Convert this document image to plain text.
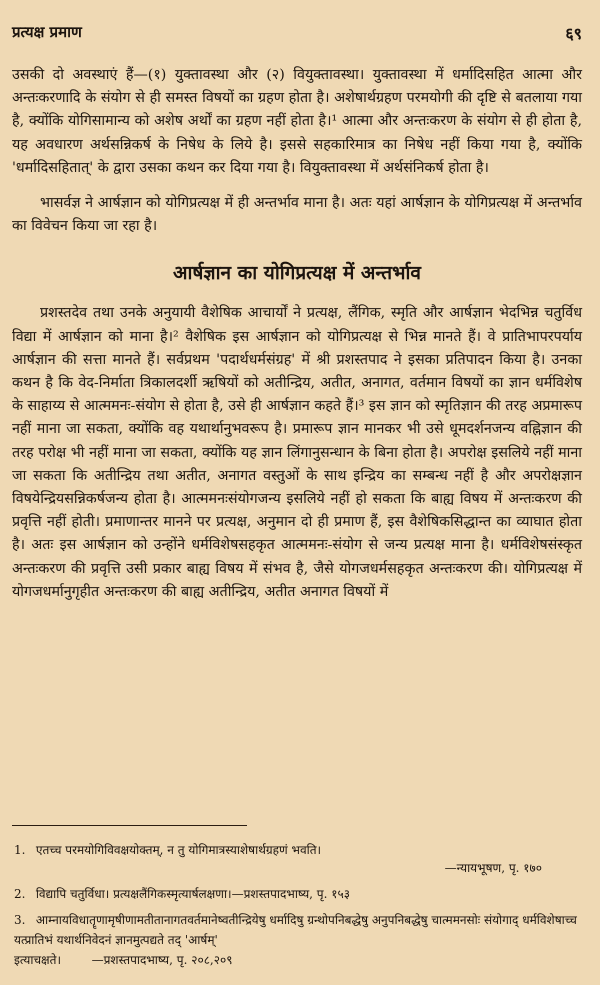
प्रत्यक्ष प्रमाण	६९

उसकी दो अवस्थाएं हैं—(१) युक्तावस्था और (२) वियुक्तावस्था। युक्तावस्था में धर्मादिसहित आत्मा और अन्तःकरणादि के संयोग से ही समस्त विषयों का ग्रहण होता है। अशेषार्थग्रहण परमयोगी की दृष्टि से बतलाया गया है, क्योंकि योगिसामान्य को अशेष अर्थों का ग्रहण नहीं होता है।¹ आत्मा और अन्तःकरण के संयोग से ही होता है, यह अवधारण अर्थसन्निकर्ष के निषेध के लिये है। इससे सहकारिमात्र का निषेध नहीं किया गया है, क्योंकि 'धर्मादिसहितात्' के द्वारा उसका कथन कर दिया गया है। वियुक्तावस्था में अर्थसंनिकर्ष होता है।

भासर्वज्ञ ने आर्षज्ञान को योगिप्रत्यक्ष में ही अन्तर्भाव माना है। अतः यहां आर्षज्ञान के योगिप्रत्यक्ष में अन्तर्भाव का विवेचन किया जा रहा है।

आर्षज्ञान का योगिप्रत्यक्ष में अन्तर्भाव

प्रशस्तदेव तथा उनके अनुयायी वैशेषिक आचार्यों ने प्रत्यक्ष, लैंगिक, स्मृति और आर्षज्ञान भेदभिन्न चतुर्विध विद्या में आर्षज्ञान को माना है।² वैशेषिक इस आर्षज्ञान को योगिप्रत्यक्ष से भिन्न मानते हैं। वे प्रातिभापरपर्याय आर्षज्ञान की सत्ता मानते हैं। सर्वप्रथम 'पदार्थधर्मसंग्रह' में श्री प्रशस्तपाद ने इसका प्रतिपादन किया है। उनका कथन है कि वेद-निर्माता त्रिकालदर्शी ऋषियों को अतीन्द्रिय, अतीत, अनागत, वर्तमान विषयों का ज्ञान धर्मविशेष के साहाय्य से आत्ममनः-संयोग से होता है, उसे ही आर्षज्ञान कहते हैं।³ इस ज्ञान को स्मृतिज्ञान की तरह अप्रमारूप नहीं माना जा सकता, क्योंकि वह यथार्थानुभवरूप है। प्रमारूप ज्ञान मानकर भी उसे धूमदर्शनजन्य वह्निज्ञान की तरह परोक्ष भी नहीं माना जा सकता, क्योंकि यह ज्ञान लिंगानुसन्धान के बिना होता है। अपरोक्ष इसलिये नहीं माना जा सकता कि अतीन्द्रिय तथा अतीत, अनागत वस्तुओं के साथ इन्द्रिय का सम्बन्ध नहीं है और अपरोक्षज्ञान विषयेन्द्रियसन्निकर्षजन्य होता है। आत्ममनःसंयोगजन्य इसलिये नहीं हो सकता कि बाह्य विषय में अन्तःकरण की प्रवृत्ति नहीं होती। प्रमाणान्तर मानने पर प्रत्यक्ष, अनुमान दो ही प्रमाण हैं, इस वैशेषिकसिद्धान्त का व्याघात होता है। अतः इस आर्षज्ञान को उन्होंने धर्मविशेषसहकृत आत्ममनः-संयोग से जन्य प्रत्यक्ष माना है। धर्मविशेषसंस्कृत अन्तःकरण की प्रवृत्ति उसी प्रकार बाह्य विषय में संभव है, जैसे योगजधर्मसहकृत अन्तःकरण की। योगिप्रत्यक्ष में योगजधर्मानुगृहीत अन्तःकरण की बाह्य अतीन्द्रिय, अतीत अनागत विषयों में

1. एतच्च परमयोगिविवक्षयोक्तम्, न तु योगिमात्रस्याशेषार्थग्रहणं भवति।
—न्यायभूषण, पृ. १७०
2. विद्यापि चतुर्विधा। प्रत्यक्षलैंगिकस्मृत्यार्षलक्षणा।—प्रशस्तपादभाष्य, पृ. १५३
3. आम्नायविधातॄणामृषीणामतीतानागतवर्तमानेष्वतीन्द्रियेषु धर्मादिषु ग्रन्थोपनिबद्धेषु अनुपनिबद्धेषु चात्ममनसोः संयोगाद् धर्मविशेषाच्च यत्प्रातिभं यथार्थनिवेदनं ज्ञानमुत्पद्यते तद् 'आर्षम्'
इत्याचक्षते।	—प्रशस्तपादभाष्य, पृ. २०८,२०९
